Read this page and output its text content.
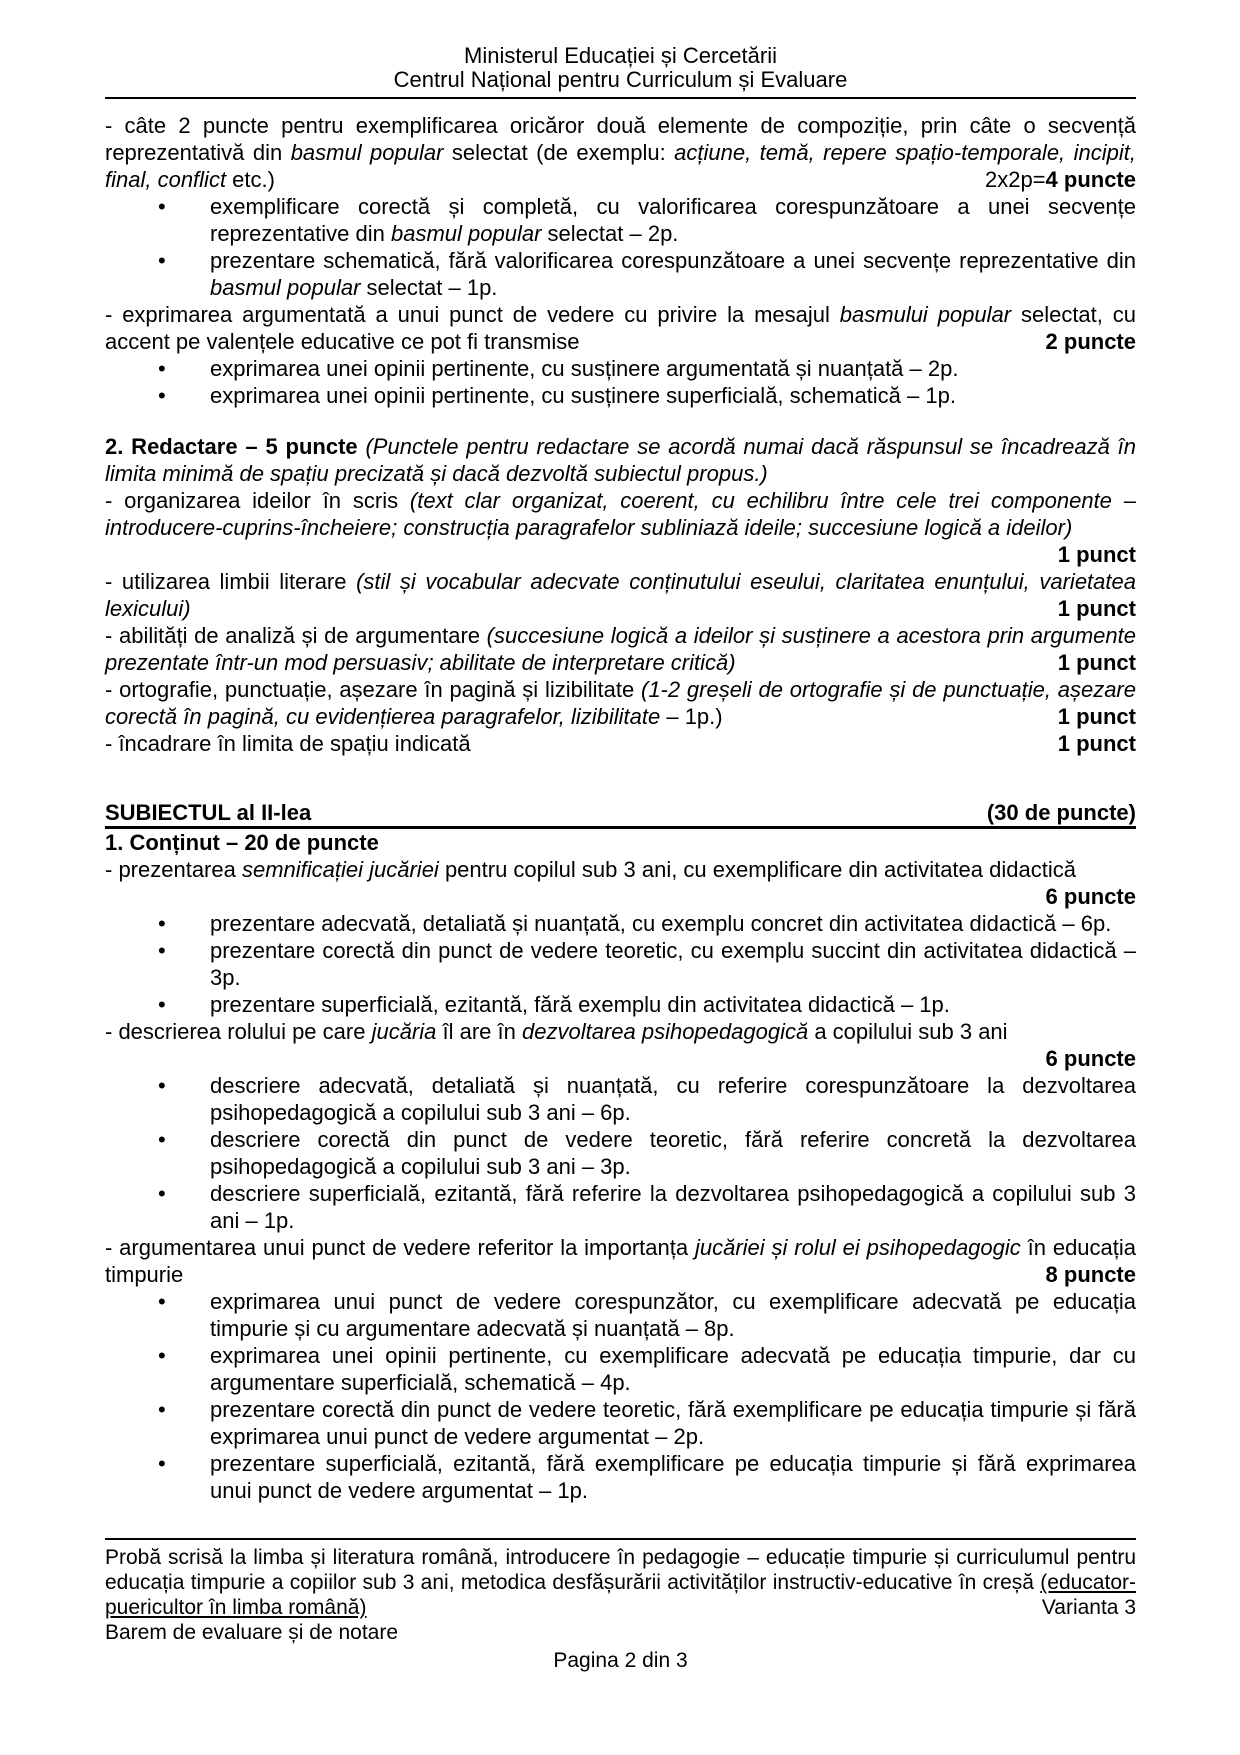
Ministerul Educației și Cercetării
Centrul Național pentru Curriculum și Evaluare
- câte 2 puncte pentru exemplificarea oricăror două elemente de compoziție, prin câte o secvență reprezentativă din basmul popular selectat (de exemplu: acțiune, temă, repere spațio-temporale, incipit, final, conflict etc.)	2x2p=4 puncte
• exemplificare corectă și completă, cu valorificarea corespunzătoare a unei secvențe reprezentative din basmul popular selectat – 2p.
• prezentare schematică, fără valorificarea corespunzătoare a unei secvențe reprezentative din basmul popular selectat – 1p.
- exprimarea argumentată a unui punct de vedere cu privire la mesajul basmului popular selectat, cu accent pe valențele educative ce pot fi transmise	2 puncte
• exprimarea unei opinii pertinente, cu susținere argumentată și nuanțată – 2p.
• exprimarea unei opinii pertinente, cu susținere superficială, schematică – 1p.
2. Redactare – 5 puncte (Punctele pentru redactare se acordă numai dacă răspunsul se încadrează în limita minimă de spațiu precizată și dacă dezvoltă subiectul propus.)
- organizarea ideilor în scris (text clar organizat, coerent, cu echilibru între cele trei componente – introducere-cuprins-încheiere; construcția paragrafelor subliniază ideile; succesiune logică a ideilor)
1 punct
- utilizarea limbii literare (stil și vocabular adecvate conținutului eseului, claritatea enunțului, varietatea lexicului)	1 punct
- abilități de analiză și de argumentare (succesiune logică a ideilor și susținere a acestora prin argumente prezentate într-un mod persuasiv; abilitate de interpretare critică)	1 punct
- ortografie, punctuație, așezare în pagină și lizibilitate (1-2 greșeli de ortografie și de punctuație, așezare corectă în pagină, cu evidențierea paragrafelor, lizibilitate – 1p.)	1 punct
- încadrare în limita de spațiu indicată	1 punct
SUBIECTUL al II-lea	(30 de puncte)
1. Conținut – 20 de puncte
- prezentarea semnificației jucăriei pentru copilul sub 3 ani, cu exemplificare din activitatea didactică
6 puncte
• prezentare adecvată, detaliată și nuanțată, cu exemplu concret din activitatea didactică – 6p.
• prezentare corectă din punct de vedere teoretic, cu exemplu succint din activitatea didactică – 3p.
• prezentare superficială, ezitantă, fără exemplu din activitatea didactică – 1p.
- descrierea rolului pe care jucăria îl are în dezvoltarea psihopedagogică a copilului sub 3 ani
6 puncte
• descriere adecvată, detaliată și nuanțată, cu referire corespunzătoare la dezvoltarea psihopedagogică a copilului sub 3 ani – 6p.
• descriere corectă din punct de vedere teoretic, fără referire concretă la dezvoltarea psihopedagogică a copilului sub 3 ani – 3p.
• descriere superficială, ezitantă, fără referire la dezvoltarea psihopedagogică a copilului sub 3 ani – 1p.
- argumentarea unui punct de vedere referitor la importanța jucăriei și rolul ei psihopedagogic în educația timpurie	8 puncte
• exprimarea unui punct de vedere corespunzător, cu exemplificare adecvată pe educația timpurie și cu argumentare adecvată și nuanțată – 8p.
• exprimarea unei opinii pertinente, cu exemplificare adecvată pe educația timpurie, dar cu argumentare superficială, schematică – 4p.
• prezentare corectă din punct de vedere teoretic, fără exemplificare pe educația timpurie și fără exprimarea unui punct de vedere argumentat – 2p.
• prezentare superficială, ezitantă, fără exemplificare pe educația timpurie și fără exprimarea unui punct de vedere argumentat – 1p.
Probă scrisă la limba și literatura română, introducere în pedagogie – educație timpurie și curriculumul pentru educația timpurie a copiilor sub 3 ani, metodica desfășurării activităților instructiv-educative în creșă (educator-puericultor în limba română)	Varianta 3
Barem de evaluare și de notare
Pagina 2 din 3
